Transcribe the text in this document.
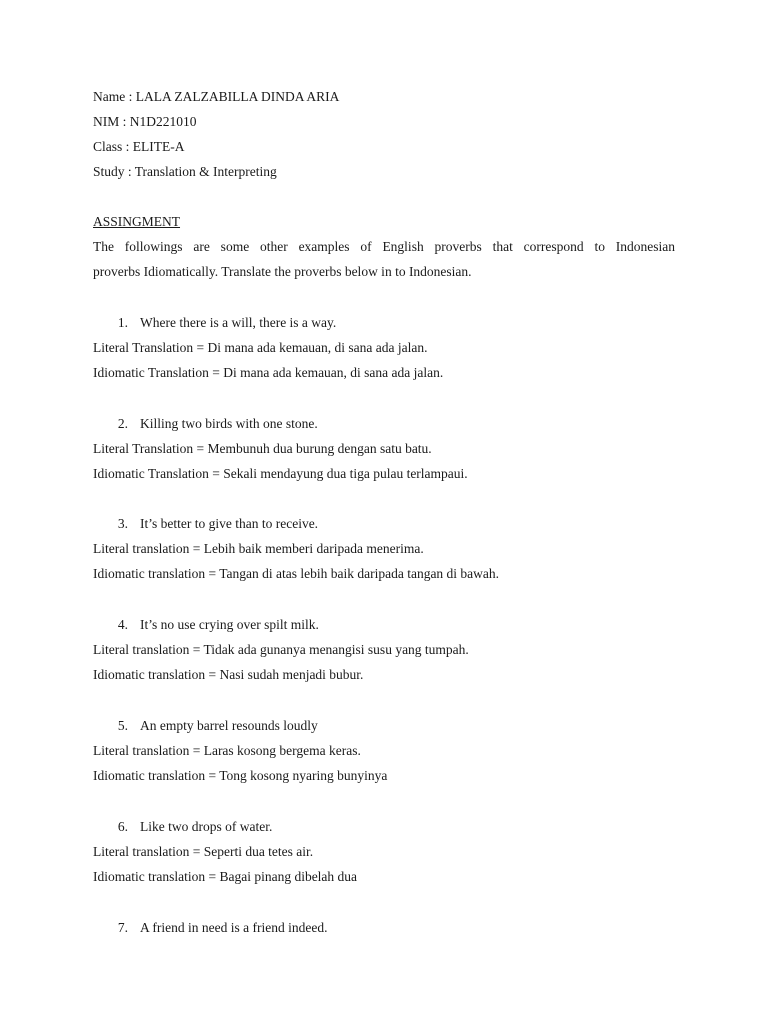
Name : LALA ZALZABILLA DINDA ARIA
NIM : N1D221010
Class : ELITE-A
Study : Translation & Interpreting
ASSINGMENT
The followings are some other examples of English proverbs that correspond to Indonesian
proverbs Idiomatically. Translate the proverbs below in to Indonesian.
1. Where there is a will, there is a way.
Literal Translation = Di mana ada kemauan, di sana ada jalan.
Idiomatic Translation = Di mana ada kemauan, di sana ada jalan.
2. Killing two birds with one stone.
Literal Translation = Membunuh dua burung dengan satu batu.
Idiomatic Translation = Sekali mendayung dua tiga pulau terlampaui.
3. It’s better to give than to receive.
Literal translation = Lebih baik memberi daripada menerima.
Idiomatic translation = Tangan di atas lebih baik daripada tangan di bawah.
4. It’s no use crying over spilt milk.
Literal translation = Tidak ada gunanya menangisi susu yang tumpah.
Idiomatic translation = Nasi sudah menjadi bubur.
5. An empty barrel resounds loudly
Literal translation = Laras kosong bergema keras.
Idiomatic translation = Tong kosong nyaring bunyinya
6. Like two drops of water.
Literal translation = Seperti dua tetes air.
Idiomatic translation = Bagai pinang dibelah dua
7. A friend in need is a friend indeed.
